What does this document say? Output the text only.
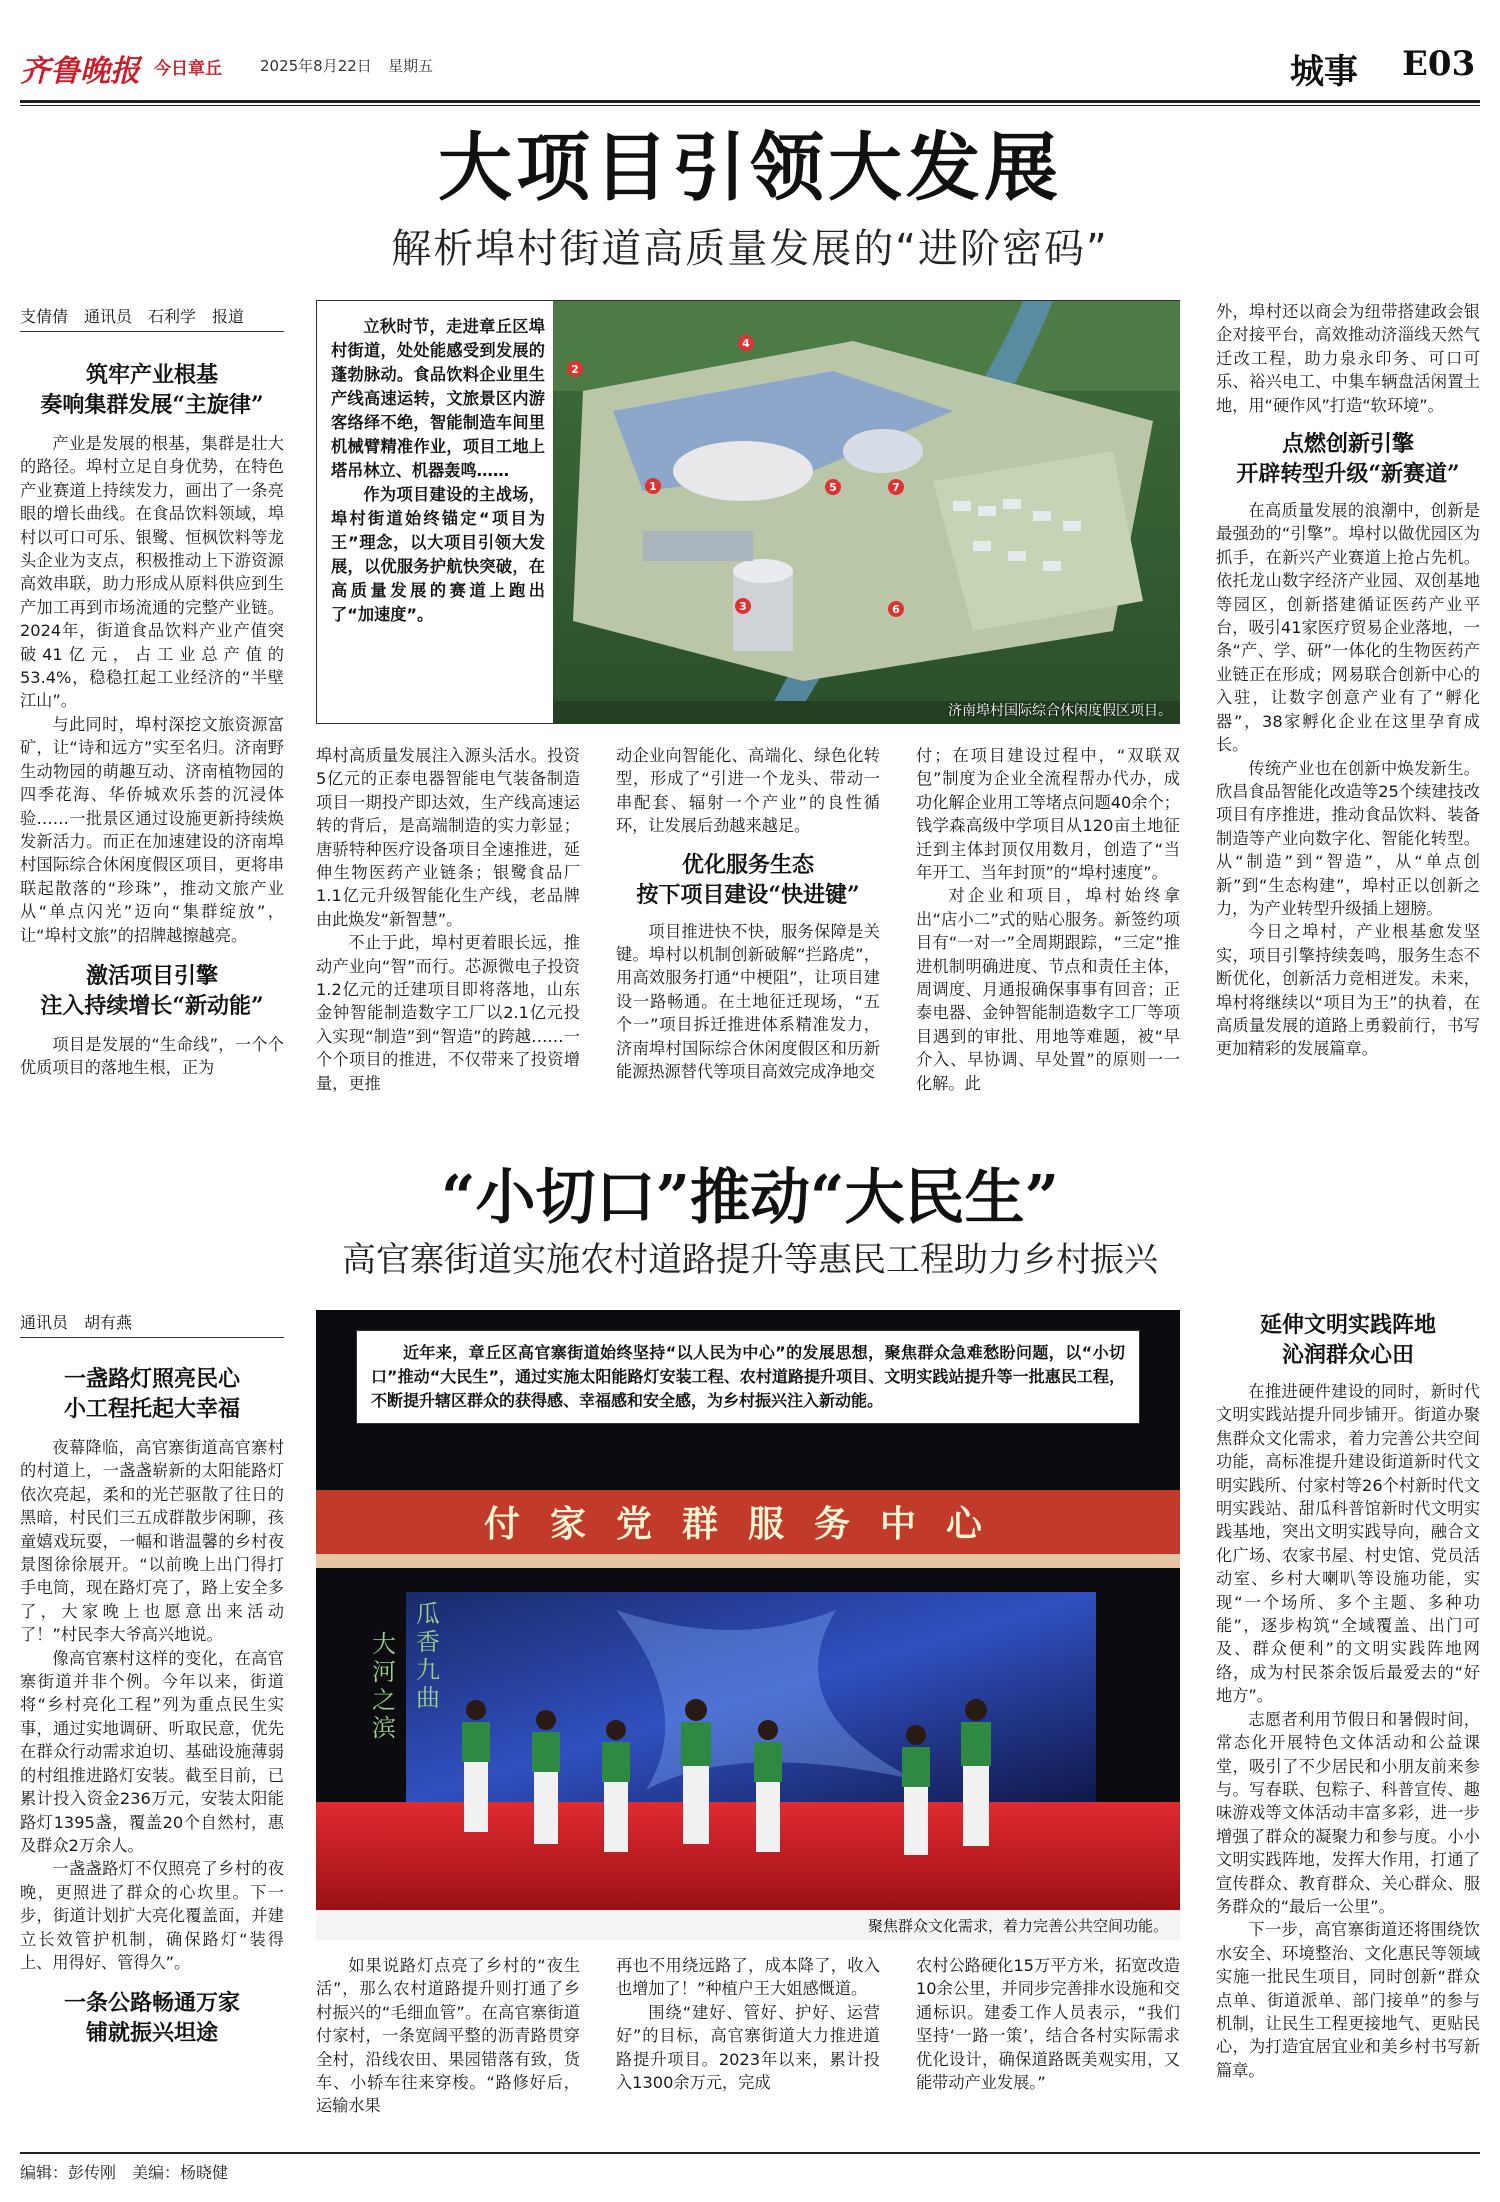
齐鲁晚报 今日章丘	2025年8月22日 星期五	城事 E03
大项目引领大发展
解析埠村街道高质量发展的“进阶密码”
支倩倩　通讯员　石利学　报道
筑牢产业根基
奏响集群发展“主旋律”

产业是发展的根基，集群是壮大的路径。埠村立足自身优势，在特色产业赛道上持续发力，画出了一条亮眼的增长曲线。在食品饮料领域，埠村以可口可乐、银鹭、恒枫饮料等龙头企业为支点，积极推动上下游资源高效串联，助力形成从原料供应到生产加工再到市场流通的完整产业链。2024年，街道食品饮料产业产值突破41亿元，占工业总产值的53.4%，稳稳扛起工业经济的“半壁江山”。

与此同时，埠村深挖文旅资源富矿，让“诗和远方”实至名归。济南野生动物园的萌趣互动、济南植物园的四季花海、华侨城欢乐荟的沉浸体验……一批景区通过设施更新持续焕发新活力。而正在加速建设的济南埠村国际综合休闲度假区项目，更将串联起散落的“珍珠”，推动文旅产业从“单点闪光”迈向“集群绽放”，让“埠村文旅”的招牌越擦越亮。

激活项目引擎
注入持续增长“新动能”

项目是发展的“生命线”，一个个优质项目的落地生根，正为

立秋时节，走进章丘区埠村街道，处处能感受到发展的蓬勃脉动。食品饮料企业里生产线高速运转，文旅景区内游客络绎不绝，智能制造车间里机械臂精准作业，项目工地上塔吊林立、机器轰鸣……

作为项目建设的主战场，埠村街道始终锚定“项目为王”理念，以大项目引领大发展，以优服务护航快突破，在高质量发展的赛道上跑出了“加速度”。

1
2
3
4
5
6
7
济南埠村国际综合休闲度假区项目。

埠村高质量发展注入源头活水。投资5亿元的正泰电器智能电气装备制造项目一期投产即达效，生产线高速运转的背后，是高端制造的实力彰显；唐骄特种医疗设备项目全速推进，延伸生物医药产业链条；银鹭食品厂1.1亿元升级智能化生产线，老品牌由此焕发“新智慧”。

不止于此，埠村更着眼长远，推动产业向“智”而行。芯源微电子投资1.2亿元的迁建项目即将落地，山东金钟智能制造数字工厂以2.1亿元投入实现“制造”到“智造”的跨越……一个个项目的推进，不仅带来了投资增量，更推

动企业向智能化、高端化、绿色化转型，形成了“引进一个龙头、带动一串配套、辐射一个产业”的良性循环，让发展后劲越来越足。

优化服务生态
按下项目建设“快进键”

项目推进快不快，服务保障是关键。埠村以机制创新破解“拦路虎”，用高效服务打通“中梗阻”，让项目建设一路畅通。在土地征迁现场，“五个一”项目拆迁推进体系精准发力，济南埠村国际综合休闲度假区和历新能源热源替代等项目高效完成净地交

付；在项目建设过程中，“双联双包”制度为企业全流程帮办代办，成功化解企业用工等堵点问题40余个；钱学森高级中学项目从120亩土地征迁到主体封顶仅用数月，创造了“当年开工、当年封顶”的“埠村速度”。

对企业和项目，埠村始终拿出“店小二”式的贴心服务。新签约项目有“一对一”全周期跟踪，“三定”推进机制明确进度、节点和责任主体，周调度、月通报确保事事有回音；正泰电器、金钟智能制造数字工厂等项目遇到的审批、用地等难题，被“早介入、早协调、早处置”的原则一一化解。此

外，埠村还以商会为纽带搭建政会银企对接平台，高效推动济淄线天然气迁改工程，助力泉永印务、可口可乐、裕兴电工、中集车辆盘活闲置土地，用“硬作风”打造“软环境”。

点燃创新引擎
开辟转型升级“新赛道”

在高质量发展的浪潮中，创新是最强劲的“引擎”。埠村以做优园区为抓手，在新兴产业赛道上抢占先机。依托龙山数字经济产业园、双创基地等园区，创新搭建循证医药产业平台，吸引41家医疗贸易企业落地，一条“产、学、研”一体化的生物医药产业链正在形成；网易联合创新中心的入驻，让数字创意产业有了“孵化器”，38家孵化企业在这里孕育成长。

传统产业也在创新中焕发新生。欣昌食品智能化改造等25个续建技改项目有序推进，推动食品饮料、装备制造等产业向数字化、智能化转型。从“制造”到“智造”，从“单点创新”到“生态构建”，埠村正以创新之力，为产业转型升级插上翅膀。

今日之埠村，产业根基愈发坚实，项目引擎持续轰鸣，服务生态不断优化，创新活力竞相迸发。未来，埠村将继续以“项目为王”的执着，在高质量发展的道路上勇毅前行，书写更加精彩的发展篇章。

“小切口”推动“大民生”
高官寨街道实施农村道路提升等惠民工程助力乡村振兴
通讯员　胡有燕
一盏路灯照亮民心
小工程托起大幸福

夜幕降临，高官寨街道高官寨村的村道上，一盏盏崭新的太阳能路灯依次亮起，柔和的光芒驱散了往日的黑暗，村民们三五成群散步闲聊，孩童嬉戏玩耍，一幅和谐温馨的乡村夜景图徐徐展开。“以前晚上出门得打手电筒，现在路灯亮了，路上安全多了，大家晚上也愿意出来活动了！”村民李大爷高兴地说。

像高官寨村这样的变化，在高官寨街道并非个例。今年以来，街道将“乡村亮化工程”列为重点民生实事，通过实地调研、听取民意，优先在群众行动需求迫切、基础设施薄弱的村组推进路灯安装。截至目前，已累计投入资金236万元，安装太阳能路灯1395盏，覆盖20个自然村，惠及群众2万余人。

一盏盏路灯不仅照亮了乡村的夜晚，更照进了群众的心坎里。下一步，街道计划扩大亮化覆盖面，并建立长效管护机制，确保路灯“装得上、用得好、管得久”。

一条公路畅通万家
铺就振兴坦途
近年来，章丘区高官寨街道始终坚持“以人民为中心”的发展思想，聚焦群众急难愁盼问题，以“小切口”推动“大民生”，通过实施太阳能路灯安装工程、农村道路提升项目、文明实践站提升等一批惠民工程，不断提升辖区群众的获得感、幸福感和安全感，为乡村振兴注入新动能。
付家党群服务中心
瓜香九曲
大河之滨
聚焦群众文化需求，着力完善公共空间功能。

如果说路灯点亮了乡村的“夜生活”，那么农村道路提升则打通了乡村振兴的“毛细血管”。在高官寨街道付家村，一条宽阔平整的沥青路贯穿全村，沿线农田、果园错落有致，货车、小轿车往来穿梭。“路修好后，运输水果

再也不用绕远路了，成本降了，收入也增加了！”种植户王大姐感慨道。

围绕“建好、管好、护好、运营好”的目标，高官寨街道大力推进道路提升项目。2023年以来，累计投入1300余万元，完成

农村公路硬化15万平方米，拓宽改造10余公里，并同步完善排水设施和交通标识。建委工作人员表示，“我们坚持‘一路一策’，结合各村实际需求优化设计，确保道路既美观实用，又能带动产业发展。”

延伸文明实践阵地
沁润群众心田

在推进硬件建设的同时，新时代文明实践站提升同步铺开。街道办聚焦群众文化需求，着力完善公共空间功能，高标准提升建设街道新时代文明实践所、付家村等26个村新时代文明实践站、甜瓜科普馆新时代文明实践基地，突出文明实践导向，融合文化广场、农家书屋、村史馆、党员活动室、乡村大喇叭等设施功能，实现“一个场所、多个主题、多种功能”，逐步构筑“全域覆盖、出门可及、群众便利”的文明实践阵地网络，成为村民茶余饭后最爱去的“好地方”。

志愿者利用节假日和暑假时间，常态化开展特色文体活动和公益课堂，吸引了不少居民和小朋友前来参与。写春联、包粽子、科普宣传、趣味游戏等文体活动丰富多彩，进一步增强了群众的凝聚力和参与度。小小文明实践阵地，发挥大作用，打通了宣传群众、教育群众、关心群众、服务群众的“最后一公里”。

下一步，高官寨街道还将围绕饮水安全、环境整治、文化惠民等领域实施一批民生项目，同时创新“群众点单、街道派单、部门接单”的参与机制，让民生工程更接地气、更贴民心，为打造宜居宜业和美乡村书写新篇章。

编辑：彭传刚　美编：杨晓健
